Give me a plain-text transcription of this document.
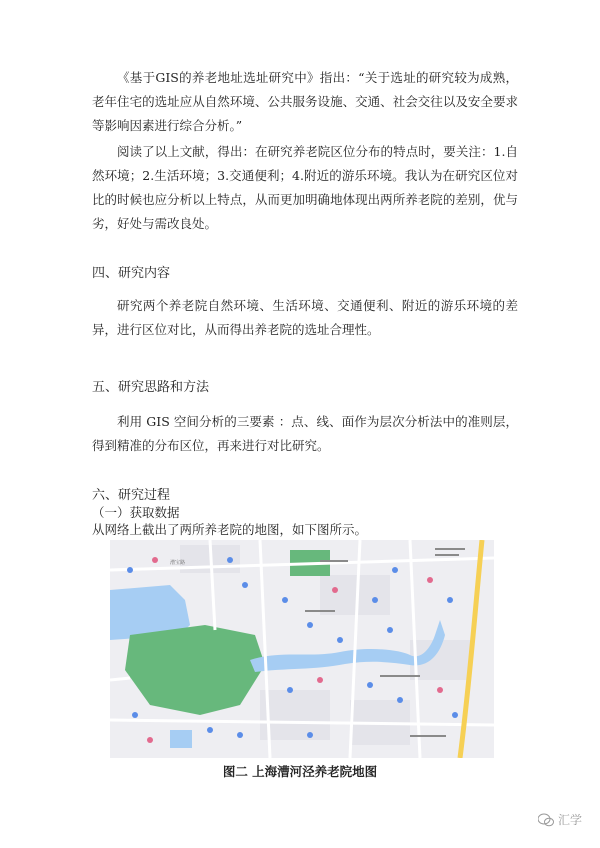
《基于GIS的养老地址选址研究中》指出：“关于选址的研究较为成熟，老年住宅的选址应从自然环境、公共服务设施、交通、社会交往以及安全要求等影响因素进行综合分析。”

阅读了以上文献，得出：在研究养老院区位分布的特点时，要关注：1.自然环境；2.生活环境；3.交通便利；4.附近的游乐环境。我认为在研究区位对比的时候也应分析以上特点，从而更加明确地体现出两所养老院的差别，优与劣，好处与需改良处。

四、研究内容

研究两个养老院自然环境、生活环境、交通便利、附近的游乐环境的差异，进行区位对比，从而得出养老院的选址合理性。

五、研究思路和方法

利用 GIS 空间分析的三要素 ：点、线、面作为层次分析法中的准则层，得到精准的分布区位，再来进行对比研究。

六、研究过程

（一）获取数据

从网络上截出了两所养老院的地图，如下图所示。

漕宝路

图二 上海漕河泾养老院地图

汇学
